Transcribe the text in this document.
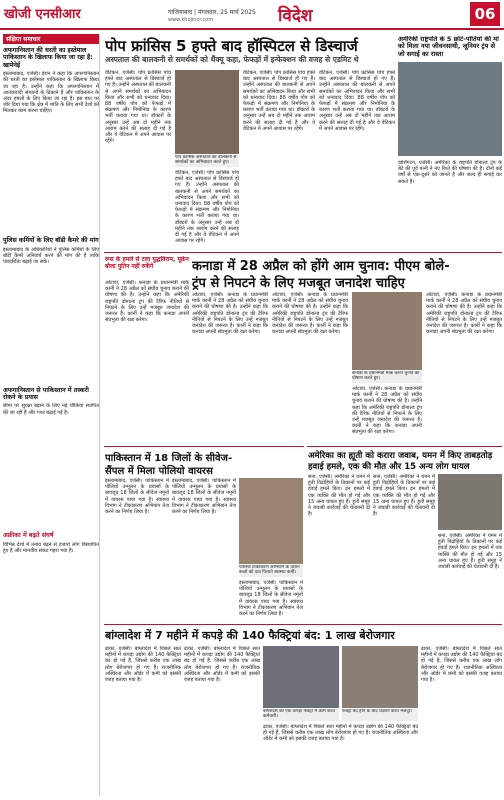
खोजी एनसीआर	गाजियाबाद | मंगलवार, 25 मार्च 2025
www.khojincr.com	विदेश	06
संक्षिप्त समाचार
अफगानिस्तान की धरती का इस्तेमाल पाकिस्तान के खिलाफ किया जा रहा है: खामेनेई
इस्लामाबाद, एजेंसी। ईरान ने कहा कि अफगानिस्तान की धरती का इस्तेमाल पाकिस्तान के खिलाफ किया जा रहा है। उन्होंने कहा कि अफगानिस्तान में आतंकवादी संगठनों के ठिकाने हैं और पाकिस्तान के अंदर हमलों के लिए किया जा रहा है। इस बात पर जोर दिया गया कि क्षेत्र में शांति के लिए सभी देशों को मिलकर काम करना चाहिए।
पुलिस कर्मियों के लिए बॉडी कैमरे की मांग
इस्लामाबाद के अधिकारियों ने पुलिस कर्मियों के लिए बॉडी कैमरे अनिवार्य करने की मांग की है ताकि पारदर्शिता बढ़ाई जा सके।
अफगानिस्तान से पाकिस्तान में तस्करी रोकने के प्रयास
सीमा पर सुरक्षा बढ़ाने के लिए नई चौकियां स्थापित की जा रही हैं और गश्त बढ़ाई गई है।
अफ्रीका में बढ़ते संघर्ष
विभिन्न देशों में तनाव बढ़ने से हजारों लोग विस्थापित हुए हैं और मानवीय संकट गहरा गया है।
पोप फ्रांसिस 5 हफ्ते बाद हॉस्पिटल से डिस्चार्ज
अस्पताल की बालकनी से समर्थकों को थैंक्यू कहा, फेफड़ों में इन्फेक्शन की वजह से एडमिट थे
वेटिकन, एजेंसी। पोप फ्रांसिस पांच हफ्ते बाद अस्पताल से डिस्चार्ज हो गए हैं। उन्होंने अस्पताल की बालकनी से अपने समर्थकों का अभिवादन किया और सभी को धन्यवाद दिया। 88 वर्षीय पोप को फेफड़ों में संक्रमण और निमोनिया के कारण भर्ती कराया गया था। डॉक्टरों के अनुसार उन्हें अब दो महीने तक आराम करने की सलाह दी गई है और वे वेटिकन में अपने आवास पर रहेंगे।
पोप फ्रांसिस अस्पताल की बालकनी से समर्थकों का अभिवादन करते हुए।
वेटिकन, एजेंसी। पोप फ्रांसिस पांच हफ्ते बाद अस्पताल से डिस्चार्ज हो गए हैं। उन्होंने अस्पताल की बालकनी से अपने समर्थकों का अभिवादन किया और सभी को धन्यवाद दिया। 88 वर्षीय पोप को फेफड़ों में संक्रमण और निमोनिया के कारण भर्ती कराया गया था। डॉक्टरों के अनुसार उन्हें अब दो महीने तक आराम करने की सलाह दी गई है और वे वेटिकन में अपने आवास पर रहेंगे।
वेटिकन, एजेंसी। पोप फ्रांसिस पांच हफ्ते बाद अस्पताल से डिस्चार्ज हो गए हैं। उन्होंने अस्पताल की बालकनी से अपने समर्थकों का अभिवादन किया और सभी को धन्यवाद दिया। 88 वर्षीय पोप को फेफड़ों में संक्रमण और निमोनिया के कारण भर्ती कराया गया था। डॉक्टरों के अनुसार उन्हें अब दो महीने तक आराम करने की सलाह दी गई है और वे वेटिकन में अपने आवास पर रहेंगे।
वेटिकन, एजेंसी। पोप फ्रांसिस पांच हफ्ते बाद अस्पताल से डिस्चार्ज हो गए हैं। उन्होंने अस्पताल की बालकनी से अपने समर्थकों का अभिवादन किया और सभी को धन्यवाद दिया। 88 वर्षीय पोप को फेफड़ों में संक्रमण और निमोनिया के कारण भर्ती कराया गया था। डॉक्टरों के अनुसार उन्हें अब दो महीने तक आराम करने की सलाह दी गई है और वे वेटिकन में अपने आवास पर रहेंगे।
अमेरिकी राष्ट्रपति के 5 छोटे-पोतियों की मां को मिला नया जीवनसाथी, जूनियर ट्रंप से जो सगाई का रास्ता
वाशिंगटन, एजेंसी। अमेरिका के राष्ट्रपति डोनाल्ड ट्रंप के बेटे की पूर्व पत्नी ने नए रिश्ते की घोषणा की है। दोनों कई वर्षों से एक-दूसरे को जानते हैं और जल्द ही सगाई कर सकते हैं।
रूस के हमले से टला युद्धविराम, यूक्रेन बोला पुतिन नहीं रुकेंगे	कनाडा में 28 अप्रैल को होंगे आम चुनाव: पीएम बोले-
ट्रंप से निपटने के लिए मजबूत जनादेश चाहिए
ओटावा, एजेंसी। कनाडा के प्रधानमंत्री मार्क कार्नी ने 28 अप्रैल को संघीय चुनाव कराने की घोषणा की है। उन्होंने कहा कि अमेरिकी राष्ट्रपति डोनाल्ड ट्रंप की टैरिफ नीतियों से निपटने के लिए उन्हें मजबूत जनादेश की जरूरत है। कार्नी ने कहा कि कनाडा अपनी संप्रभुता की रक्षा करेगा।
ओटावा, एजेंसी। कनाडा के प्रधानमंत्री मार्क कार्नी ने 28 अप्रैल को संघीय चुनाव कराने की घोषणा की है। उन्होंने कहा कि अमेरिकी राष्ट्रपति डोनाल्ड ट्रंप की टैरिफ नीतियों से निपटने के लिए उन्हें मजबूत जनादेश की जरूरत है। कार्नी ने कहा कि कनाडा अपनी संप्रभुता की रक्षा करेगा।
ओटावा, एजेंसी। कनाडा के प्रधानमंत्री मार्क कार्नी ने 28 अप्रैल को संघीय चुनाव कराने की घोषणा की है। उन्होंने कहा कि अमेरिकी राष्ट्रपति डोनाल्ड ट्रंप की टैरिफ नीतियों से निपटने के लिए उन्हें मजबूत जनादेश की जरूरत है। कार्नी ने कहा कि कनाडा अपनी संप्रभुता की रक्षा करेगा।
कनाडा के प्रधानमंत्री मार्क कार्नी चुनाव की घोषणा करते हुए।
ओटावा, एजेंसी। कनाडा के प्रधानमंत्री मार्क कार्नी ने 28 अप्रैल को संघीय चुनाव कराने की घोषणा की है। उन्होंने कहा कि अमेरिकी राष्ट्रपति डोनाल्ड ट्रंप की टैरिफ नीतियों से निपटने के लिए उन्हें मजबूत जनादेश की जरूरत है। कार्नी ने कहा कि कनाडा अपनी संप्रभुता की रक्षा करेगा।
ओटावा, एजेंसी। कनाडा के प्रधानमंत्री मार्क कार्नी ने 28 अप्रैल को संघीय चुनाव कराने की घोषणा की है। उन्होंने कहा कि अमेरिकी राष्ट्रपति डोनाल्ड ट्रंप की टैरिफ नीतियों से निपटने के लिए उन्हें मजबूत जनादेश की जरूरत है। कार्नी ने कहा कि कनाडा अपनी संप्रभुता की रक्षा करेगा।
पाकिस्तान में 18 जिलों के सीवेज-
सैंपल में मिला पोलियो वायरस
इस्लामाबाद, एजेंसी। पाकिस्तान में पोलियो उन्मूलन के प्रयासों के बावजूद 18 जिलों के सीवेज नमूनों में वायरस पाया गया है। स्वास्थ्य विभाग ने टीकाकरण अभियान तेज करने का निर्णय लिया है।
इस्लामाबाद, एजेंसी। पाकिस्तान में पोलियो उन्मूलन के प्रयासों के बावजूद 18 जिलों के सीवेज नमूनों में वायरस पाया गया है। स्वास्थ्य विभाग ने टीकाकरण अभियान तेज करने का निर्णय लिया है।
पोलियो टीकाकरण अभियान के दौरान बच्चों को दवा पिलाते स्वास्थ्य कर्मी।
इस्लामाबाद, एजेंसी। पाकिस्तान में पोलियो उन्मूलन के प्रयासों के बावजूद 18 जिलों के सीवेज नमूनों में वायरस पाया गया है। स्वास्थ्य विभाग ने टीकाकरण अभियान तेज करने का निर्णय लिया है।
अमेरिका का ह्यूती को करारा जवाब, यमन में किए ताबड़तोड़
हवाई हमले, एक की मौत और 15 अन्य लोग घायल
सना, एजेंसी। अमेरिका ने यमन में हूती विद्रोहियों के ठिकानों पर कई हवाई हमले किए। इन हमलों में एक व्यक्ति की मौत हो गई और 15 अन्य घायल हुए हैं। हूती समूह ने जवाबी कार्रवाई की चेतावनी दी है।
सना, एजेंसी। अमेरिका ने यमन में हूती विद्रोहियों के ठिकानों पर कई हवाई हमले किए। इन हमलों में एक व्यक्ति की मौत हो गई और 15 अन्य घायल हुए हैं। हूती समूह ने जवाबी कार्रवाई की चेतावनी दी है।
सना, एजेंसी। अमेरिका ने यमन में हूती विद्रोहियों के ठिकानों पर कई हवाई हमले किए। इन हमलों में एक व्यक्ति की मौत हो गई और 15 अन्य घायल हुए हैं। हूती समूह ने जवाबी कार्रवाई की चेतावनी दी है।
बांग्लादेश में 7 महीने में कपड़े की 140 फैक्ट्रियां बंद: 1 लाख बेरोजगार
ढाका, एजेंसी। बांग्लादेश में पिछले सात महीनों में कपड़ा उद्योग की 140 फैक्ट्रियां बंद हो गई हैं, जिससे करीब एक लाख लोग बेरोजगार हो गए हैं। राजनीतिक अस्थिरता और ऑर्डर में कमी को इसकी वजह बताया गया है।
ढाका, एजेंसी। बांग्लादेश में पिछले सात महीनों में कपड़ा उद्योग की 140 फैक्ट्रियां बंद हो गई हैं, जिससे करीब एक लाख लोग बेरोजगार हो गए हैं। राजनीतिक अस्थिरता और ऑर्डर में कमी को इसकी वजह बताया गया है।
बांग्लादेश की एक कपड़ा फैक्ट्री में काम करते कर्मचारी।
फैक्ट्री बंद होने के बाद प्रदर्शन करते मजदूर।
ढाका, एजेंसी। बांग्लादेश में पिछले सात महीनों में कपड़ा उद्योग की 140 फैक्ट्रियां बंद हो गई हैं, जिससे करीब एक लाख लोग बेरोजगार हो गए हैं। राजनीतिक अस्थिरता और ऑर्डर में कमी को इसकी वजह बताया गया है।
ढाका, एजेंसी। बांग्लादेश में पिछले सात महीनों में कपड़ा उद्योग की 140 फैक्ट्रियां बंद हो गई हैं, जिससे करीब एक लाख लोग बेरोजगार हो गए हैं। राजनीतिक अस्थिरता और ऑर्डर में कमी को इसकी वजह बताया गया है।
